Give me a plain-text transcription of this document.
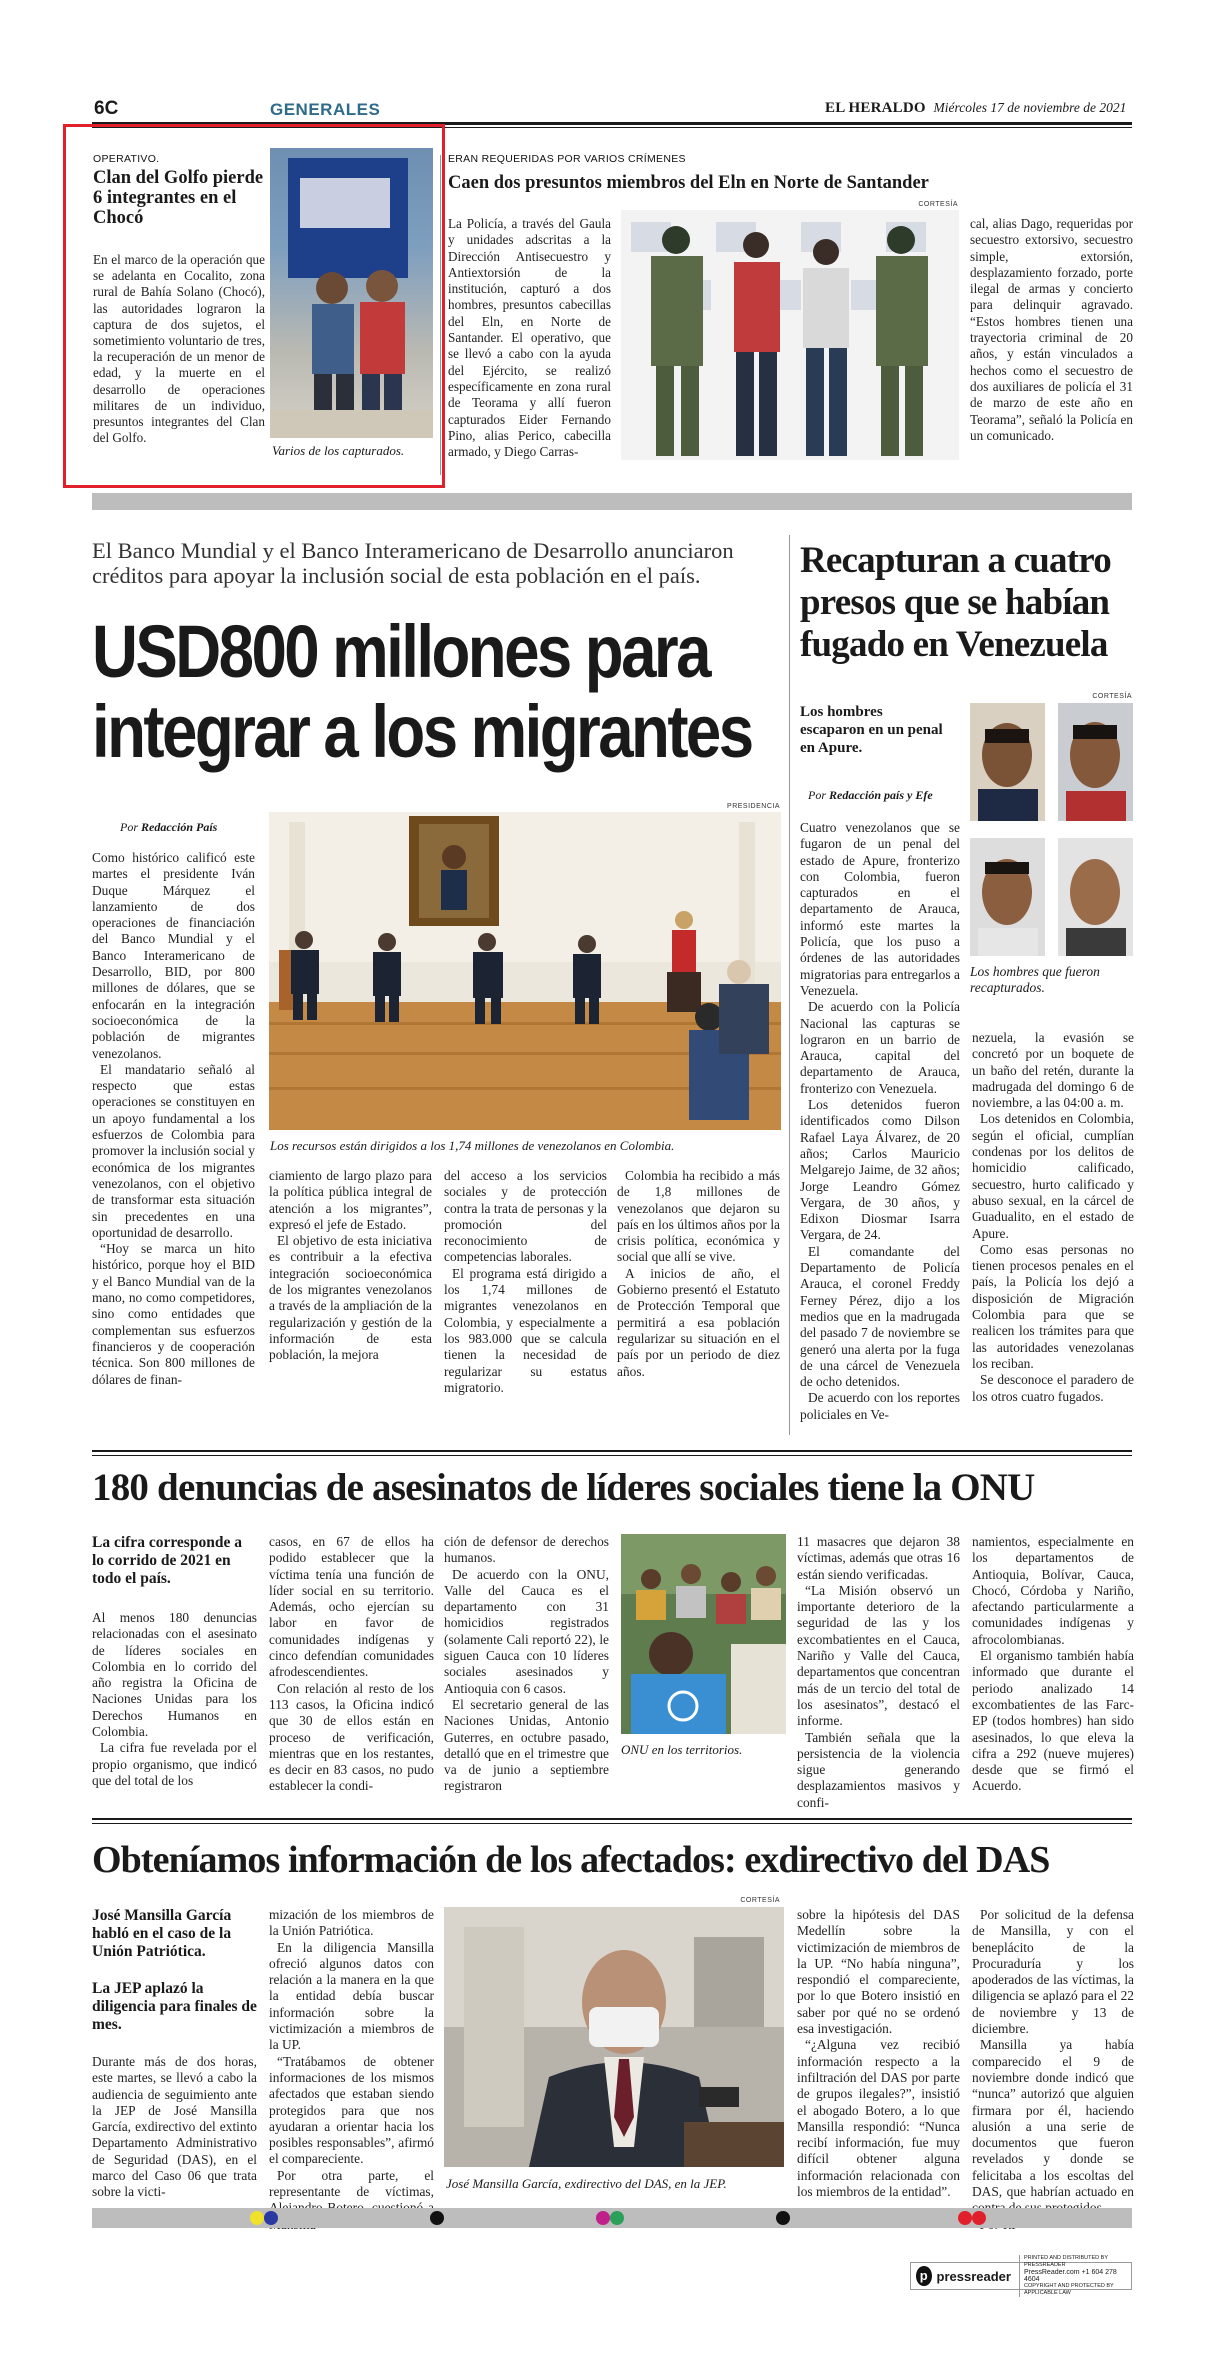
6C	GENERALES	EL HERALDO Miércoles 17 de noviembre de 2021
OPERATIVO.
Clan del Golfo pierde 6 integrantes en el Chocó
En el marco de la operación que se adelanta en Cocalito, zona rural de Bahía Solano (Chocó), las autoridades lograron la captura de dos sujetos, el sometimiento voluntario de tres, la recuperación de un menor de edad, y la muerte en el desarrollo de operaciones militares de un individuo, presuntos integrantes del Clan del Golfo.
Varios de los capturados.
ERAN REQUERIDAS POR VARIOS CRÍMENES
Caen dos presuntos miembros del Eln en Norte de Santander
La Policía, a través del Gaula y unidades adscritas a la Dirección Antisecuestro y Antiextorsión de la institución, capturó a dos hombres, presuntos cabecillas del Eln, en Norte de Santander. El operativo, que se llevó a cabo con la ayuda del Ejército, se realizó específicamente en zona rural de Teorama y allí fueron capturados Eider Fernando Pino, alias Perico, cabecilla armado, y Diego Carras-
CORTESÍA
cal, alias Dago, requeridas por secuestro extorsivo, secuestro simple, extorsión, desplazamiento forzado, porte ilegal de armas y concierto para delinquir agravado. “Estos hombres tienen una trayectoria criminal de 20 años, y están vinculados a hechos como el secuestro de dos auxiliares de policía el 31 de marzo de este año en Teorama”, señaló la Policía en un comunicado.
El Banco Mundial y el Banco Interamericano de Desarrollo anunciaron créditos para apoyar la inclusión social de esta población en el país.
USD800 millones para integrar a los migrantes
Por Redacción País

Como histórico calificó este martes el presidente Iván Duque Márquez el lanzamiento de dos operaciones de financiación del Banco Mundial y el Banco Interamericano de Desarrollo, BID, por 800 millones de dólares, que se enfocarán en la integración socioeconómica de la población de migrantes venezolanos.

El mandatario señaló al respecto que estas operaciones se constituyen en un apoyo fundamental a los esfuerzos de Colombia para promover la inclusión social y económica de los migrantes venezolanos, con el objetivo de transformar esta situación sin precedentes en una oportunidad de desarrollo.

“Hoy se marca un hito histórico, porque hoy el BID y el Banco Mundial van de la mano, no como competidores, sino como entidades que complementan sus esfuerzos financieros y de cooperación técnica. Son 800 millones de dólares de finan-

PRESIDENCIA
Los recursos están dirigidos a los 1,74 millones de venezolanos en Colombia.

ciamiento de largo plazo para la política pública integral de atención a los migrantes”, expresó el jefe de Estado.

El objetivo de esta iniciativa es contribuir a la efectiva integración socioeconómica de los migrantes venezolanos a través de la ampliación de la regularización y gestión de la información de esta población, la mejora

del acceso a los servicios sociales y de protección contra la trata de personas y la promoción del reconocimiento de competencias laborales.

El programa está dirigido a los 1,74 millones de migrantes venezolanos en Colombia, y especialmente a los 983.000 que se calcula tienen la necesidad de regularizar su estatus migratorio.

Colombia ha recibido a más de 1,8 millones de venezolanos que dejaron su país en los últimos años por la crisis política, económica y social que allí se vive.

A inicios de año, el Gobierno presentó el Estatuto de Protección Temporal que permitirá a esa población regularizar su situación en el país por un periodo de diez años.

Recapturan a cuatro presos que se habían fugado en Venezuela
CORTESÍA
Los hombres escaparon en un penal en Apure.
Por Redacción país y Efe
Los hombres que fueron recapturados.

Cuatro venezolanos que se fugaron de un penal del estado de Apure, fronterizo con Colombia, fueron capturados en el departamento de Arauca, informó este martes la Policía, que los puso a órdenes de las autoridades migratorias para entregarlos a Venezuela.

De acuerdo con la Policía Nacional las capturas se lograron en un barrio de Arauca, capital del departamento de Arauca, fronterizo con Venezuela.

Los detenidos fueron identificados como Dilson Rafael Laya Álvarez, de 20 años; Carlos Mauricio Melgarejo Jaime, de 32 años; Jorge Leandro Gómez Vergara, de 30 años, y Edixon Diosmar Isarra Vergara, de 24.

El comandante del Departamento de Policía Arauca, el coronel Freddy Ferney Pérez, dijo a los medios que en la madrugada del pasado 7 de noviembre se generó una alerta por la fuga de una cárcel de Venezuela de ocho detenidos.

De acuerdo con los reportes policiales en Ve-

nezuela, la evasión se concretó por un boquete de un baño del retén, durante la madrugada del domingo 6 de noviembre, a las 04:00 a. m.

Los detenidos en Colombia, según el oficial, cumplían condenas por los delitos de homicidio calificado, secuestro, hurto calificado y abuso sexual, en la cárcel de Guadualito, en el estado de Apure.

Como esas personas no tienen procesos penales en el país, la Policía los dejó a disposición de Migración Colombia para que se realicen los trámites para que las autoridades venezolanas los reciban.

Se desconoce el paradero de los otros cuatro fugados.

180 denuncias de asesinatos de líderes sociales tiene la ONU
La cifra corresponde a lo corrido de 2021 en todo el país.

Al menos 180 denuncias relacionadas con el asesinato de líderes sociales en Colombia en lo corrido del año registra la Oficina de Naciones Unidas para los Derechos Humanos en Colombia.

La cifra fue revelada por el propio organismo, que indicó que del total de los

casos, en 67 de ellos ha podido establecer que la víctima tenía una función de líder social en su territorio. Además, ocho ejercían su labor en favor de comunidades indígenas y cinco defendían comunidades afrodescendientes.

Con relación al resto de los 113 casos, la Oficina indicó que 30 de ellos están en proceso de verificación, mientras que en los restantes, es decir en 83 casos, no pudo establecer la condi-

ción de defensor de derechos humanos.

De acuerdo con la ONU, Valle del Cauca es el departamento con 31 homicidios registrados (solamente Cali reportó 22), le siguen Cauca con 10 líderes sociales asesinados y Antioquia con 6 casos.

El secretario general de las Naciones Unidas, Antonio Guterres, en octubre pasado, detalló que en el trimestre que va de junio a septiembre registraron

ONU en los territorios.

11 masacres que dejaron 38 víctimas, además que otras 16 están siendo verificadas.

“La Misión observó un importante deterioro de la seguridad de las y los excombatientes en el Cauca, Nariño y Valle del Cauca, departamentos que concentran más de un tercio del total de los asesinatos”, destacó el informe.

También señala que la persistencia de la violencia sigue generando desplazamientos masivos y confi-

namientos, especialmente en los departamentos de Antioquia, Bolívar, Cauca, Chocó, Córdoba y Nariño, afectando particularmente a comunidades indígenas y afrocolombianas.

El organismo también había informado que durante el periodo analizado 14 excombatientes de las Farc-EP (todos hombres) han sido asesinados, lo que eleva la cifra a 292 (nueve mujeres) desde que se firmó el Acuerdo.

Obteníamos información de los afectados: exdirectivo del DAS
José Mansilla García habló en el caso de la Unión Patriótica.
La JEP aplazó la diligencia para finales de mes.

Durante más de dos horas, este martes, se llevó a cabo la audiencia de seguimiento ante la JEP de José Mansilla García, exdirectivo del extinto Departamento Administrativo de Seguridad (DAS), en el marco del Caso 06 que trata sobre la victi-

mización de los miembros de la Unión Patriótica.

En la diligencia Mansilla ofreció algunos datos con relación a la manera en la que la entidad debía buscar información sobre la victimización a miembros de la UP.

“Tratábamos de obtener informaciones de los mismos afectados que estaban siendo protegidos para que nos ayudaran a orientar hacia los posibles responsables”, afirmó el compareciente.

Por otra parte, el representante de víctimas,

CORTESÍA
José Mansilla García, exdirectivo del DAS, en la JEP.

sobre la hipótesis del DAS Medellín sobre la victimización de miembros de la UP. “No había ninguna”, respondió el compareciente, por lo que Botero insistió en saber por qué no se ordenó esa investigación.

“¿Alguna vez recibió información respecto a la infiltración del DAS por parte de grupos ilegales?”, insistió el abogado Botero, a lo que Mansilla respondió: “Nunca recibí información, fue muy difícil obtener alguna información relacionada con los miembros de la entidad”.

Por solicitud de la defensa de Mansilla, y con el beneplácito de la Procuraduría y los apoderados de las víctimas, la diligencia se aplazó para el 22 de noviembre y 13 de diciembre.

Mansilla ya había comparecido el 9 de noviembre donde indicó que “nunca” autorizó que alguien firmara por él, haciendo alusión a una serie de documentos que fueron revelados y donde se felicitaba a los escoltas del DAS, que habrían actuado en

p pressreader
PRINTED AND DISTRIBUTED BY PRESSREADER
PressReader.com +1 604 278 4604
COPYRIGHT AND PROTECTED BY APPLICABLE LAW
